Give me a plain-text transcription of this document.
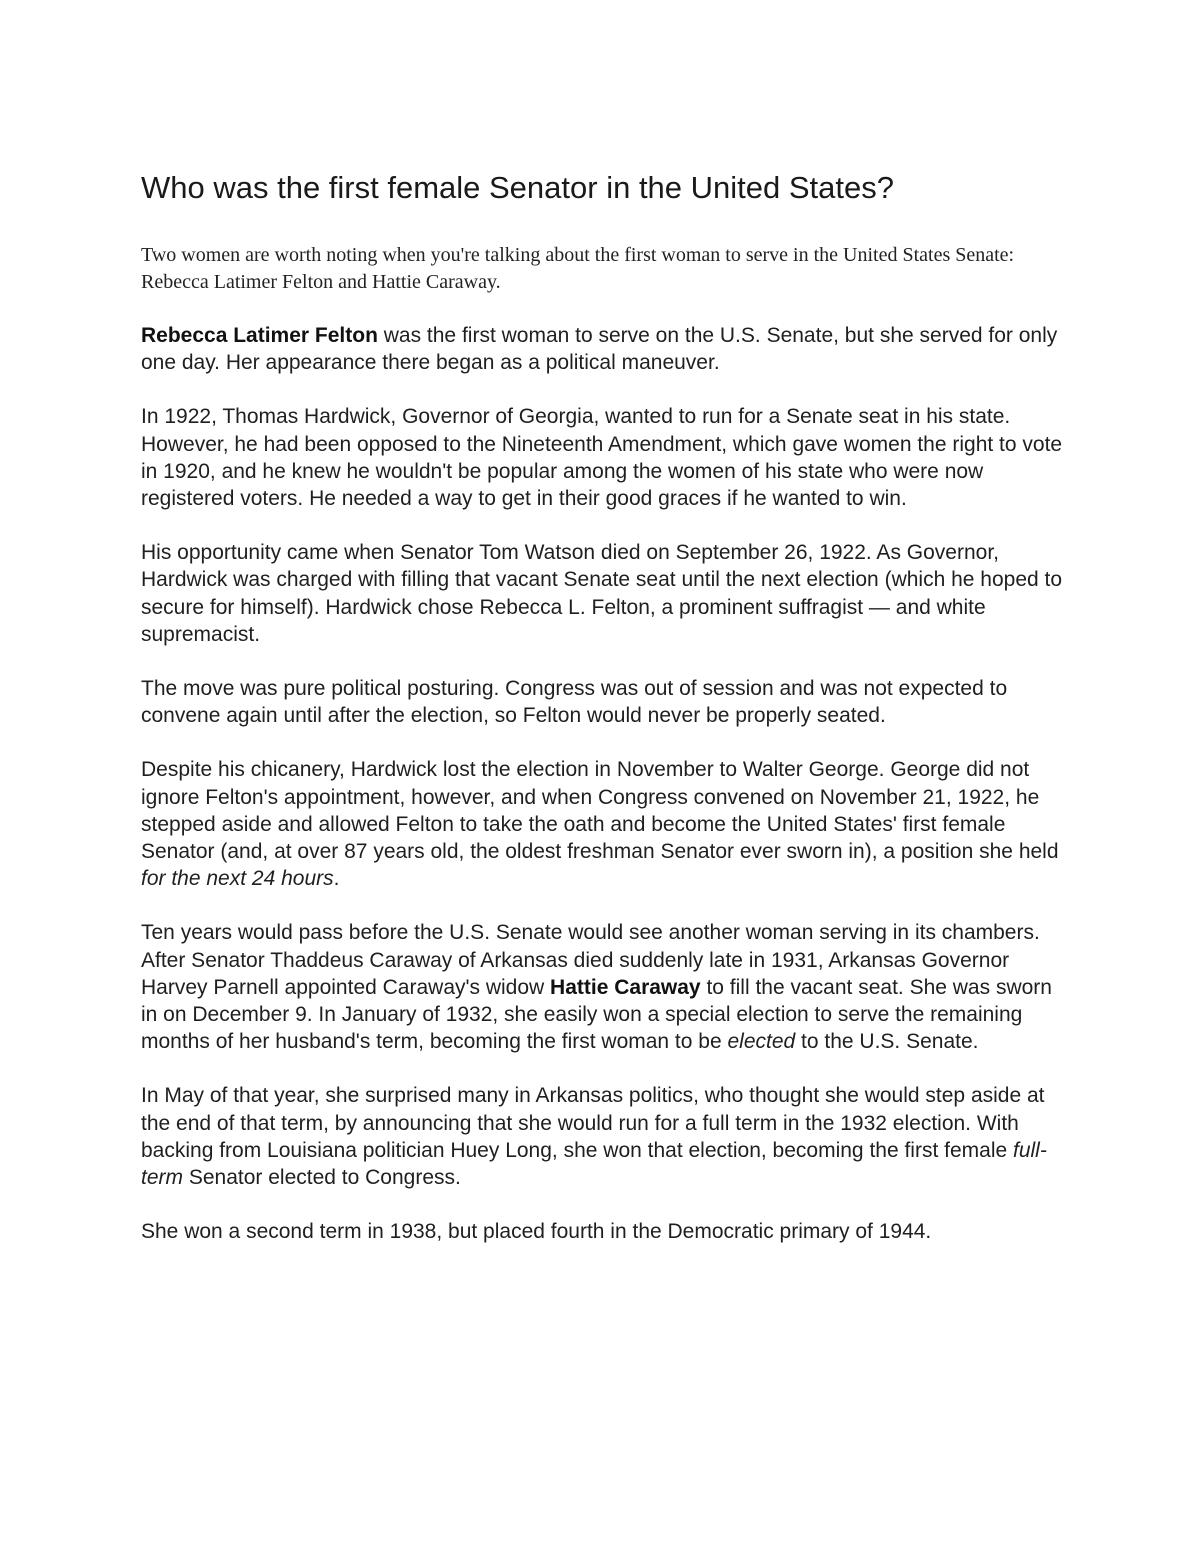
Who was the first female Senator in the United States?

Two women are worth noting when you're talking about the first woman to serve in the United States Senate: Rebecca Latimer Felton and Hattie Caraway.

Rebecca Latimer Felton was the first woman to serve on the U.S. Senate, but she served for only one day. Her appearance there began as a political maneuver.

In 1922, Thomas Hardwick, Governor of Georgia, wanted to run for a Senate seat in his state. However, he had been opposed to the Nineteenth Amendment, which gave women the right to vote in 1920, and he knew he wouldn't be popular among the women of his state who were now registered voters. He needed a way to get in their good graces if he wanted to win.

His opportunity came when Senator Tom Watson died on September 26, 1922. As Governor, Hardwick was charged with filling that vacant Senate seat until the next election (which he hoped to secure for himself). Hardwick chose Rebecca L. Felton, a prominent suffragist — and white supremacist.

The move was pure political posturing. Congress was out of session and was not expected to convene again until after the election, so Felton would never be properly seated.

Despite his chicanery, Hardwick lost the election in November to Walter George. George did not ignore Felton's appointment, however, and when Congress convened on November 21, 1922, he stepped aside and allowed Felton to take the oath and become the United States' first female Senator (and, at over 87 years old, the oldest freshman Senator ever sworn in), a position she held for the next 24 hours.

Ten years would pass before the U.S. Senate would see another woman serving in its chambers. After Senator Thaddeus Caraway of Arkansas died suddenly late in 1931, Arkansas Governor Harvey Parnell appointed Caraway's widow Hattie Caraway to fill the vacant seat. She was sworn in on December 9. In January of 1932, she easily won a special election to serve the remaining months of her husband's term, becoming the first woman to be elected to the U.S. Senate.

In May of that year, she surprised many in Arkansas politics, who thought she would step aside at the end of that term, by announcing that she would run for a full term in the 1932 election. With backing from Louisiana politician Huey Long, she won that election, becoming the first female full-term Senator elected to Congress.

She won a second term in 1938, but placed fourth in the Democratic primary of 1944.
